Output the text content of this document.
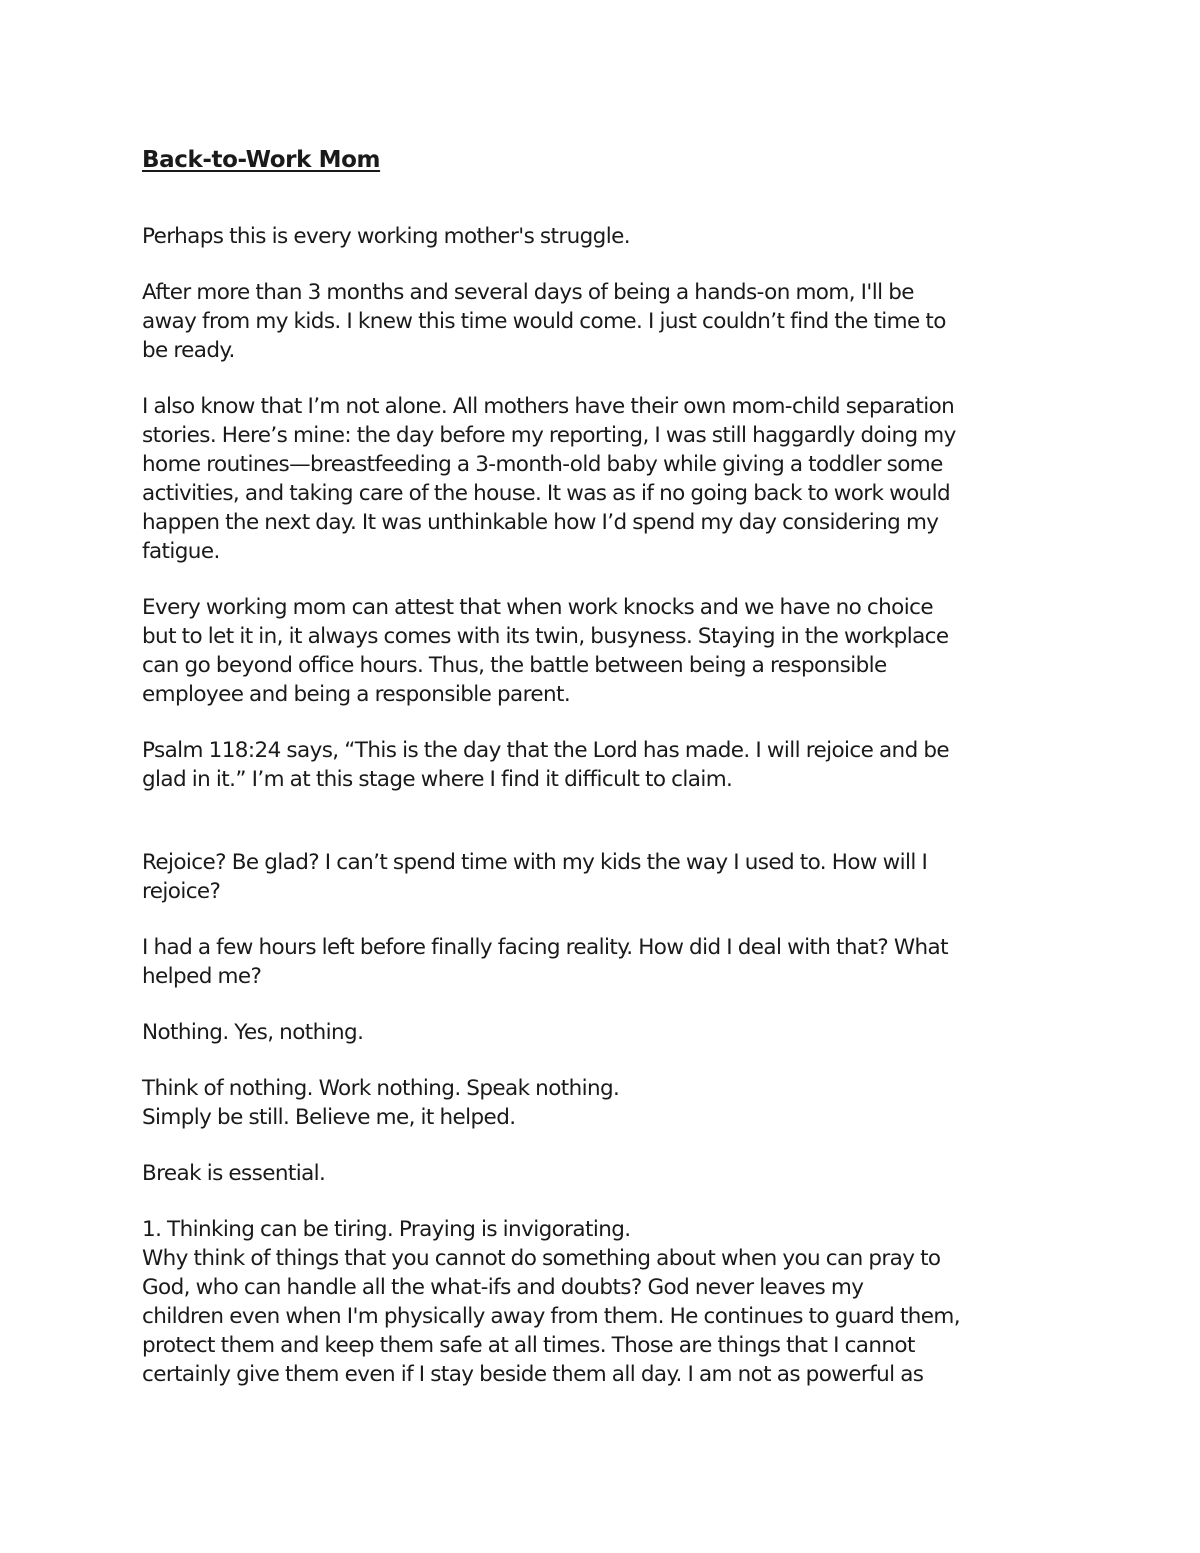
Back-to-Work Mom

Perhaps this is every working mother's struggle.

After more than 3 months and several days of being a hands-on mom, I'll be
away from my kids. I knew this time would come. I just couldn’t find the time to
be ready.

I also know that I’m not alone. All mothers have their own mom-child separation
stories. Here’s mine: the day before my reporting, I was still haggardly doing my
home routines—breastfeeding a 3-month-old baby while giving a toddler some
activities, and taking care of the house. It was as if no going back to work would
happen the next day. It was unthinkable how I’d spend my day considering my
fatigue.

Every working mom can attest that when work knocks and we have no choice
but to let it in, it always comes with its twin, busyness. Staying in the workplace
can go beyond office hours. Thus, the battle between being a responsible
employee and being a responsible parent.

Psalm 118:24 says, “This is the day that the Lord has made. I will rejoice and be
glad in it.” I’m at this stage where I find it difficult to claim.

Rejoice? Be glad? I can’t spend time with my kids the way I used to. How will I
rejoice?

I had a few hours left before finally facing reality. How did I deal with that? What
helped me?

Nothing. Yes, nothing.

Think of nothing. Work nothing. Speak nothing.
Simply be still. Believe me, it helped.

Break is essential.

1. Thinking can be tiring. Praying is invigorating.
Why think of things that you cannot do something about when you can pray to
God, who can handle all the what-ifs and doubts? God never leaves my
children even when I'm physically away from them. He continues to guard them,
protect them and keep them safe at all times. Those are things that I cannot
certainly give them even if I stay beside them all day. I am not as powerful as
